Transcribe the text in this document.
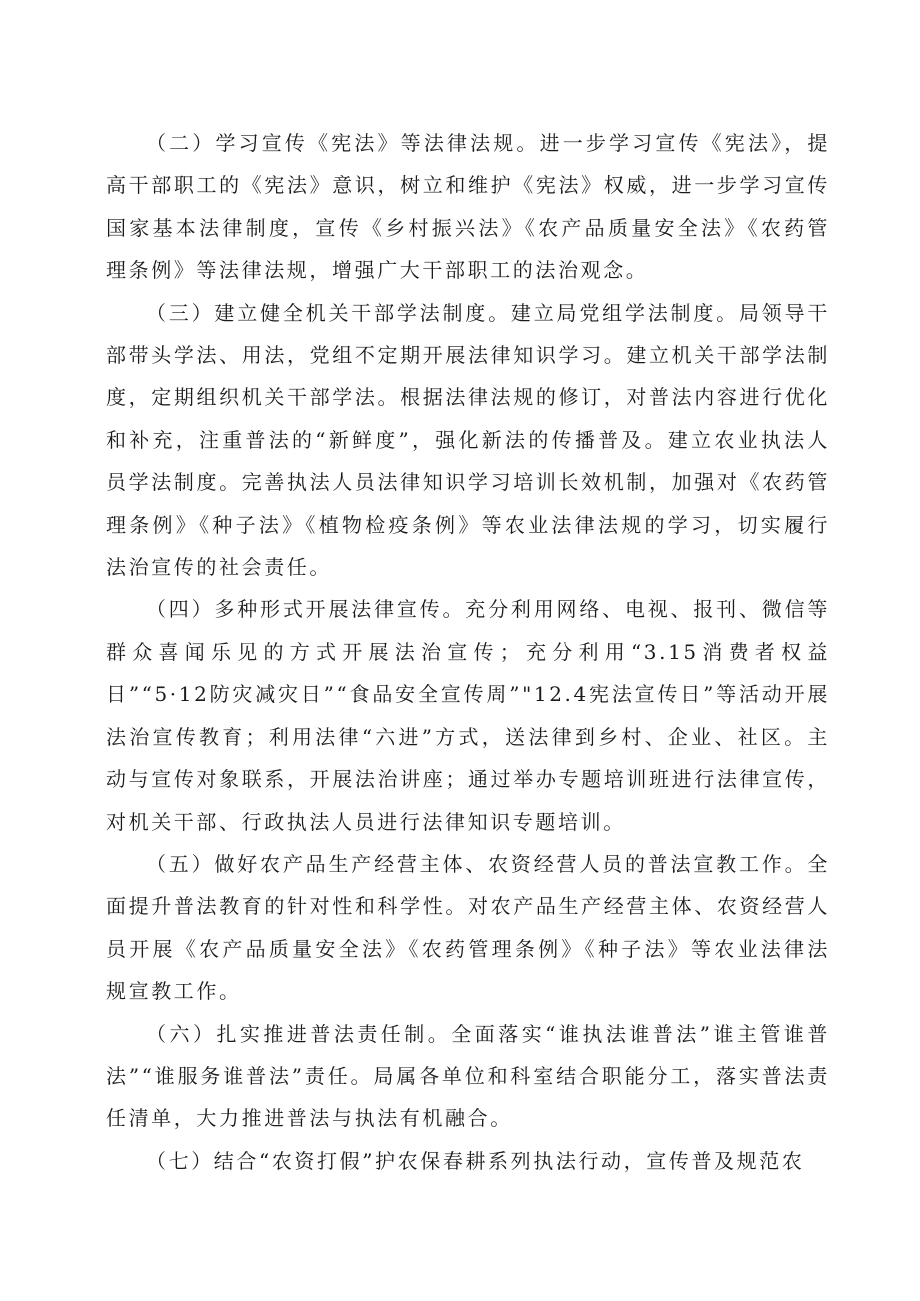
（二）学习宣传《宪法》等法律法规。进一步学习宣传《宪法》，提高干部职工的《宪法》意识，树立和维护《宪法》权威，进一步学习宣传国家基本法律制度，宣传《乡村振兴法》《农产品质量安全法》《农药管理条例》等法律法规，增强广大干部职工的法治观念。

（三）建立健全机关干部学法制度。建立局党组学法制度。局领导干部带头学法、用法，党组不定期开展法律知识学习。建立机关干部学法制度，定期组织机关干部学法。根据法律法规的修订，对普法内容进行优化和补充，注重普法的“新鲜度”，强化新法的传播普及。建立农业执法人员学法制度。完善执法人员法律知识学习培训长效机制，加强对《农药管理条例》《种子法》《植物检疫条例》等农业法律法规的学习，切实履行法治宣传的社会责任。

（四）多种形式开展法律宣传。充分利用网络、电视、报刊、微信等群众喜闻乐见的方式开展法治宣传；充分利用“3.15消费者权益日”“5·12防灾减灾日”“食品安全宣传周”"12.4宪法宣传日”等活动开展法治宣传教育；利用法律“六进”方式，送法律到乡村、企业、社区。主动与宣传对象联系，开展法治讲座；通过举办专题培训班进行法律宣传，对机关干部、行政执法人员进行法律知识专题培训。

（五）做好农产品生产经营主体、农资经营人员的普法宣教工作。全面提升普法教育的针对性和科学性。对农产品生产经营主体、农资经营人员开展《农产品质量安全法》《农药管理条例》《种子法》等农业法律法规宣教工作。

（六）扎实推进普法责任制。全面落实“谁执法谁普法”谁主管谁普法”“谁服务谁普法”责任。局属各单位和科室结合职能分工，落实普法责任清单，大力推进普法与执法有机融合。

（七）结合“农资打假”护农保春耕系列执法行动，宣传普及规范农
